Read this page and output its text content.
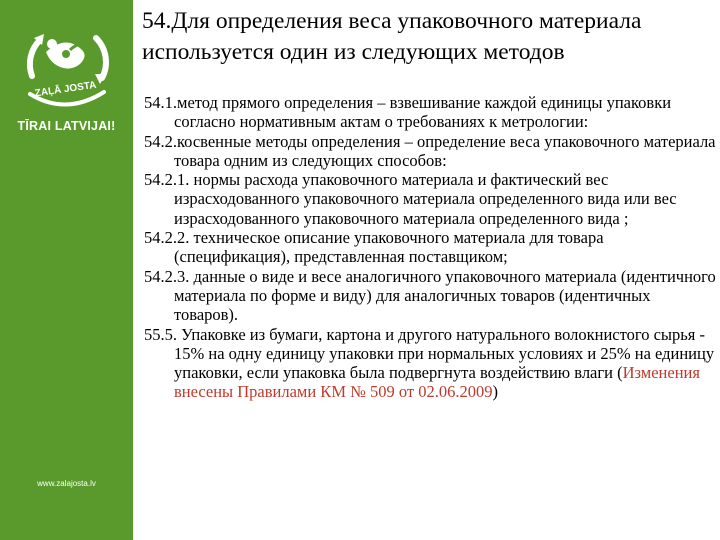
ZAĻĀ JOSTA
TĪRAI LATVIJAI!
www.zalajosta.lv
54.Для определения веса упаковочного материала
используется один из следующих методов
54.1.метод прямого определения – взвешивание каждой единицы упаковки согласно нормативным актам о требованиях к метрологии:
54.2.косвенные методы определения – определение веса упаковочного материала товара одним из следующих способов:
54.2.1. нормы расхода упаковочного материала и фактический вес израсходованного упаковочного материала определенного вида или вес израсходованного упаковочного материала определенного вида ;
54.2.2. техническое описание упаковочного материала для товара (спецификация), представленная поставщиком;
54.2.3. данные о виде и весе аналогичного упаковочного материала (идентичного материала по форме и виду) для аналогичных товаров (идентичных товаров).
55.5. Упаковке из бумаги, картона и другого натурального волокнистого сырья - 15% на одну единицу упаковки при нормальных условиях и 25% на единицу упаковки, если упаковка была подвергнута воздействию влаги (Изменения внесены Правилами КМ № 509 от 02.06.2009)
